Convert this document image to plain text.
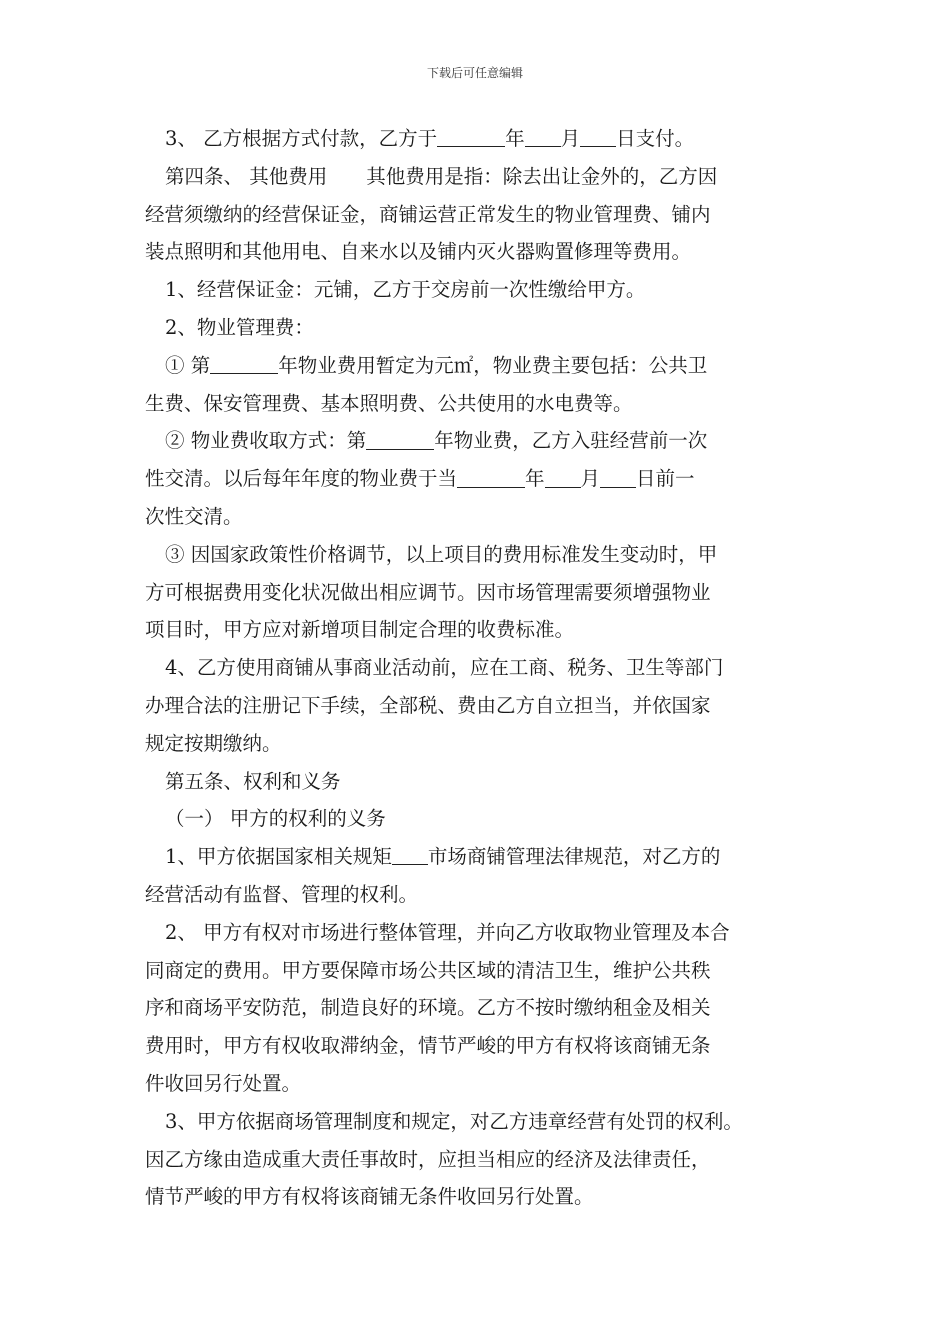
下载后可任意编辑
3、 乙方根据方式付款，乙方于	年 月 日支付。
第四条、 其他费用　　其他费用是指：除去出让金外的，乙方因
经营须缴纳的经营保证金，商铺运营正常发生的物业管理费、铺内
装点照明和其他用电、自来水以及铺内灭火器购置修理等费用。
1、经营保证金：元铺，乙方于交房前一次性缴给甲方。
2、物业管理费：
① 第	年物业费用暂定为元㎡，物业费主要包括：公共卫
生费、保安管理费、基本照明费、公共使用的水电费等。
② 物业费收取方式：第	年物业费，乙方入驻经营前一次
性交清。以后每年年度的物业费于当	年 月 日前一
次性交清。
③ 因国家政策性价格调节，以上项目的费用标准发生变动时，甲
方可根据费用变化状况做出相应调节。因市场管理需要须增强物业
项目时，甲方应对新增项目制定合理的收费标准。
4、乙方使用商铺从事商业活动前，应在工商、税务、卫生等部门
办理合法的注册记下手续，全部税、费由乙方自立担当，并依国家
规定按期缴纳。
第五条、权利和义务
（一） 甲方的权利的义务
1、甲方依据国家相关规矩 市场商铺管理法律规范，对乙方的
经营活动有监督、管理的权利。
2、 甲方有权对市场进行整体管理，并向乙方收取物业管理及本合
同商定的费用。甲方要保障市场公共区域的清洁卫生，维护公共秩
序和商场平安防范，制造良好的环境。乙方不按时缴纳租金及相关
费用时，甲方有权收取滞纳金，情节严峻的甲方有权将该商铺无条
件收回另行处置。
3、甲方依据商场管理制度和规定，对乙方违章经营有处罚的权利。
因乙方缘由造成重大责任事故时，应担当相应的经济及法律责任，
情节严峻的甲方有权将该商铺无条件收回另行处置。
